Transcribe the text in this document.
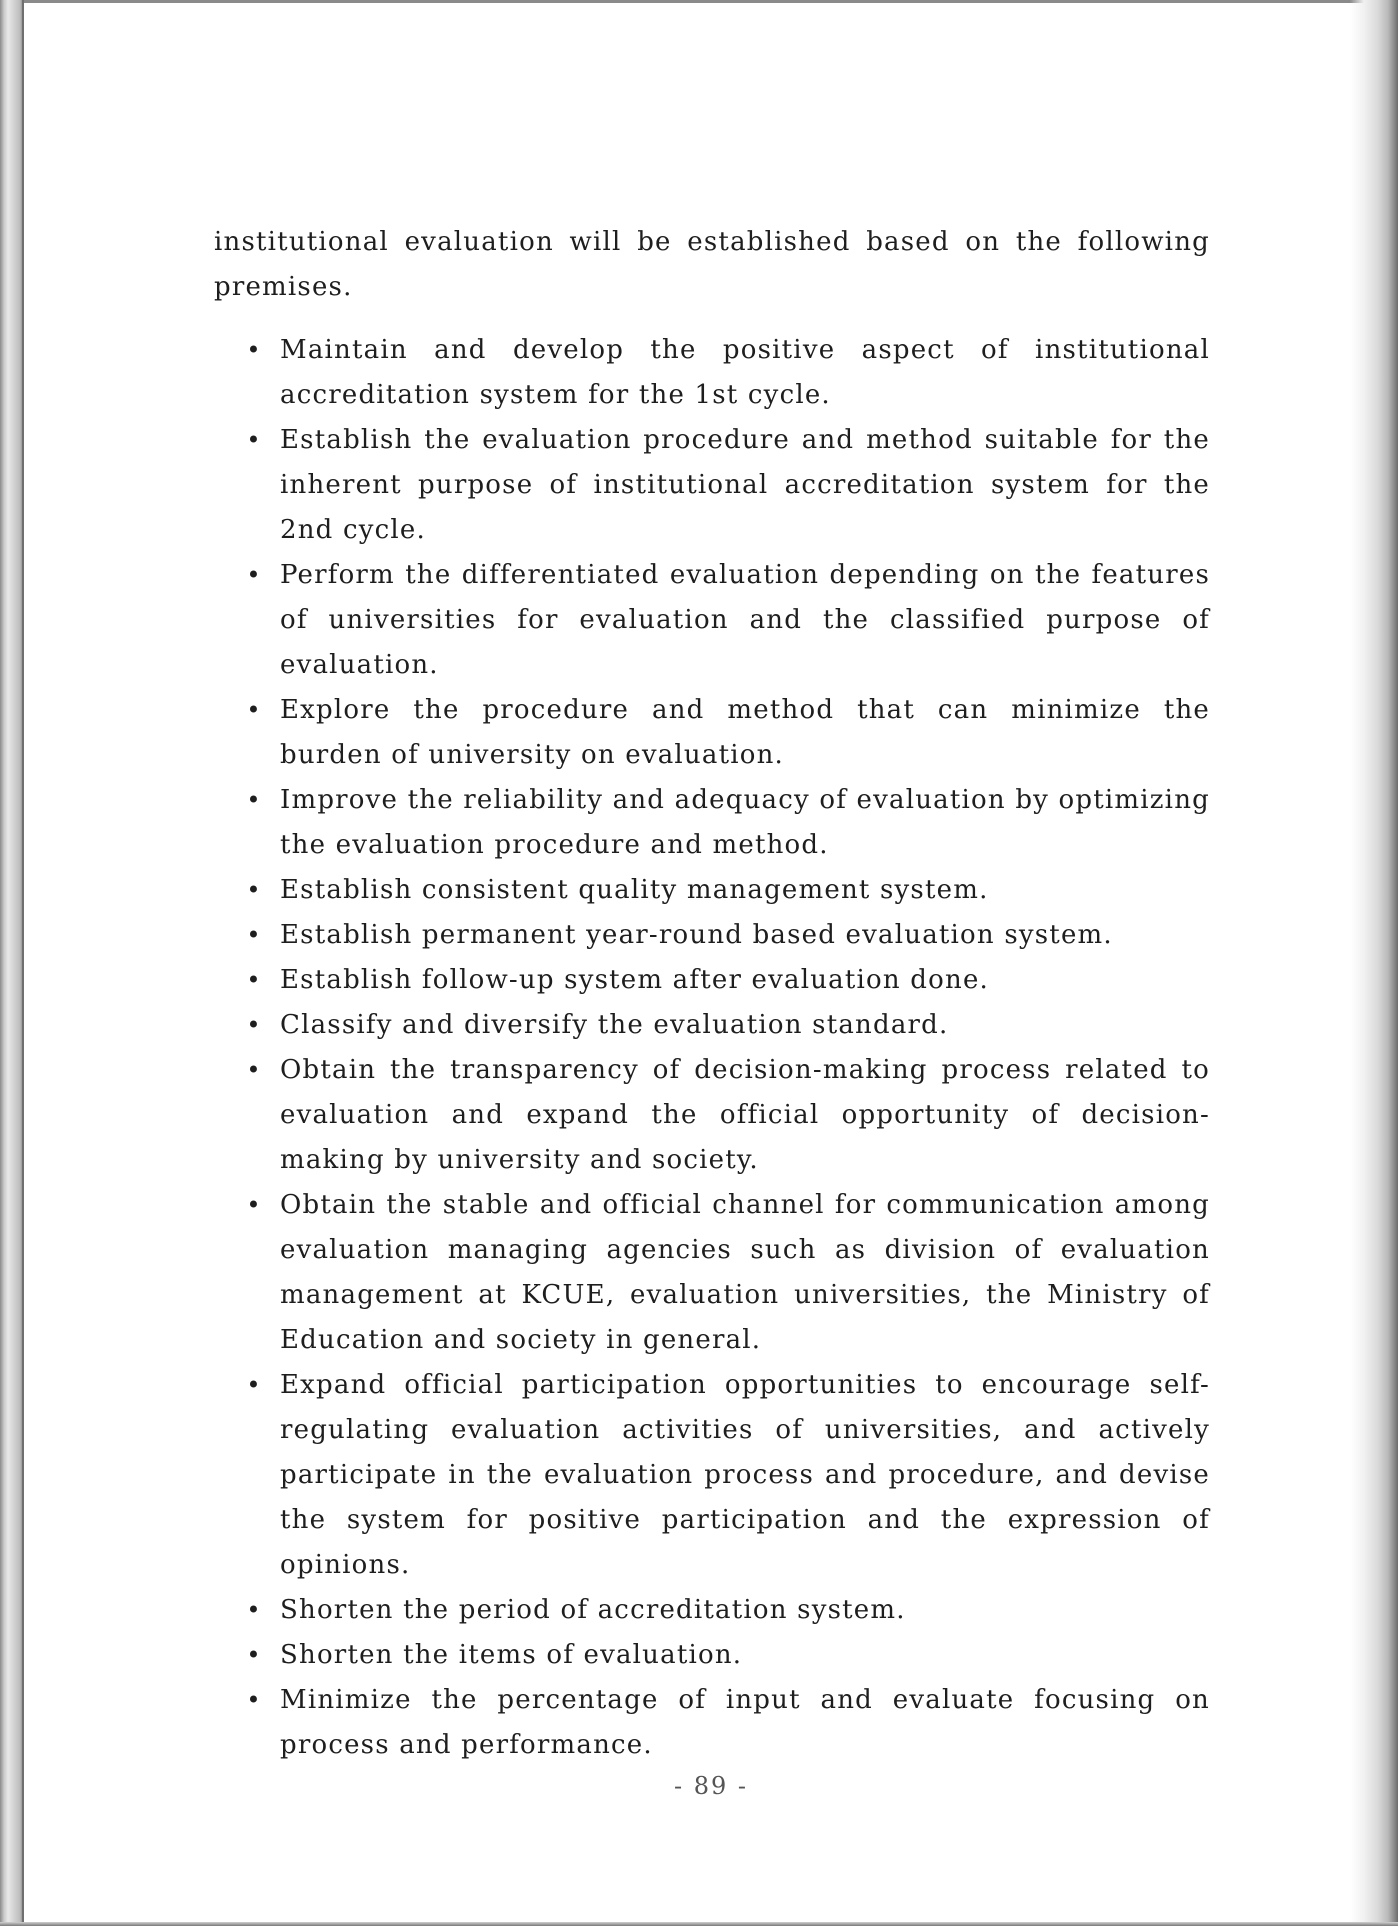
institutional evaluation will be established based on the following
premises.

• Maintain and develop the positive aspect of institutional accreditation system for the 1st cycle.
• Establish the evaluation procedure and method suitable for the inherent purpose of institutional accreditation system for the 2nd cycle.
• Perform the differentiated evaluation depending on the features of universities for evaluation and the classified purpose of evaluation.
• Explore the procedure and method that can minimize the burden of university on evaluation.
• Improve the reliability and adequacy of evaluation by optimizing the evaluation procedure and method.
• Establish consistent quality management system.
• Establish permanent year-round based evaluation system.
• Establish follow-up system after evaluation done.
• Classify and diversify the evaluation standard.
• Obtain the transparency of decision-making process related to evaluation and expand the official opportunity of decision-making by university and society.
• Obtain the stable and official channel for communication among evaluation managing agencies such as division of evaluation management at KCUE, evaluation universities, the Ministry of Education and society in general.
• Expand official participation opportunities to encourage self-regulating evaluation activities of universities, and actively participate in the evaluation process and procedure, and devise the system for positive participation and the expression of opinions.
• Shorten the period of accreditation system.
• Shorten the items of evaluation.
• Minimize the percentage of input and evaluate focusing on process and performance.
- 89 -
